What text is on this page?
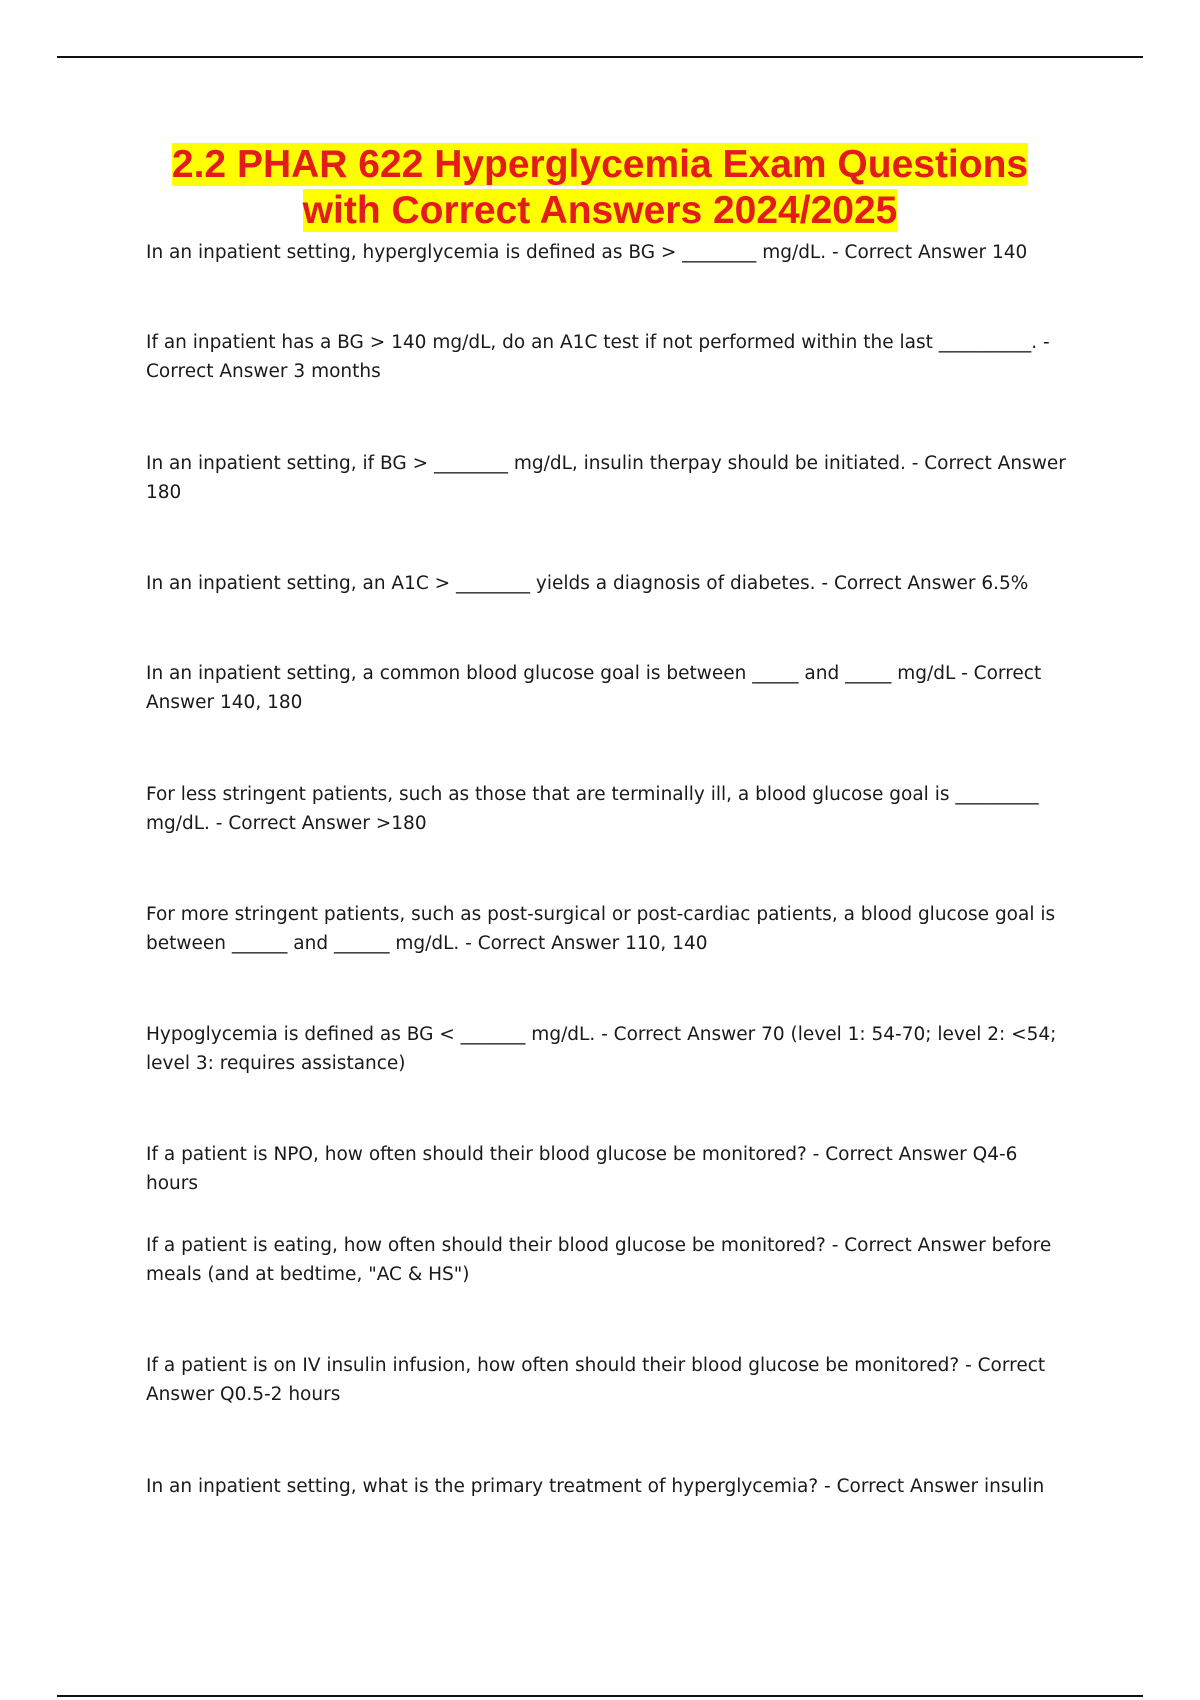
2.2 PHAR 622 Hyperglycemia Exam Questions
with Correct Answers 2024/2025

In an inpatient setting, hyperglycemia is defined as BG > ________ mg/dL. - Correct Answer 140

If an inpatient has a BG > 140 mg/dL, do an A1C test if not performed within the last __________. - Correct Answer 3 months

In an inpatient setting, if BG > ________ mg/dL, insulin therpay should be initiated. - Correct Answer 180

In an inpatient setting, an A1C > ________ yields a diagnosis of diabetes. - Correct Answer 6.5%

In an inpatient setting, a common blood glucose goal is between _____ and _____ mg/dL - Correct Answer 140, 180

For less stringent patients, such as those that are terminally ill, a blood glucose goal is _________ mg/dL. - Correct Answer >180

For more stringent patients, such as post-surgical or post-cardiac patients, a blood glucose goal is between ______ and ______ mg/dL. - Correct Answer 110, 140

Hypoglycemia is defined as BG < _______ mg/dL. - Correct Answer 70 (level 1: 54-70; level 2: <54; level 3: requires assistance)

If a patient is NPO, how often should their blood glucose be monitored? - Correct Answer Q4-6 hours

If a patient is eating, how often should their blood glucose be monitored? - Correct Answer before meals (and at bedtime, "AC & HS")

If a patient is on IV insulin infusion, how often should their blood glucose be monitored? - Correct Answer Q0.5-2 hours

In an inpatient setting, what is the primary treatment of hyperglycemia? - Correct Answer insulin
